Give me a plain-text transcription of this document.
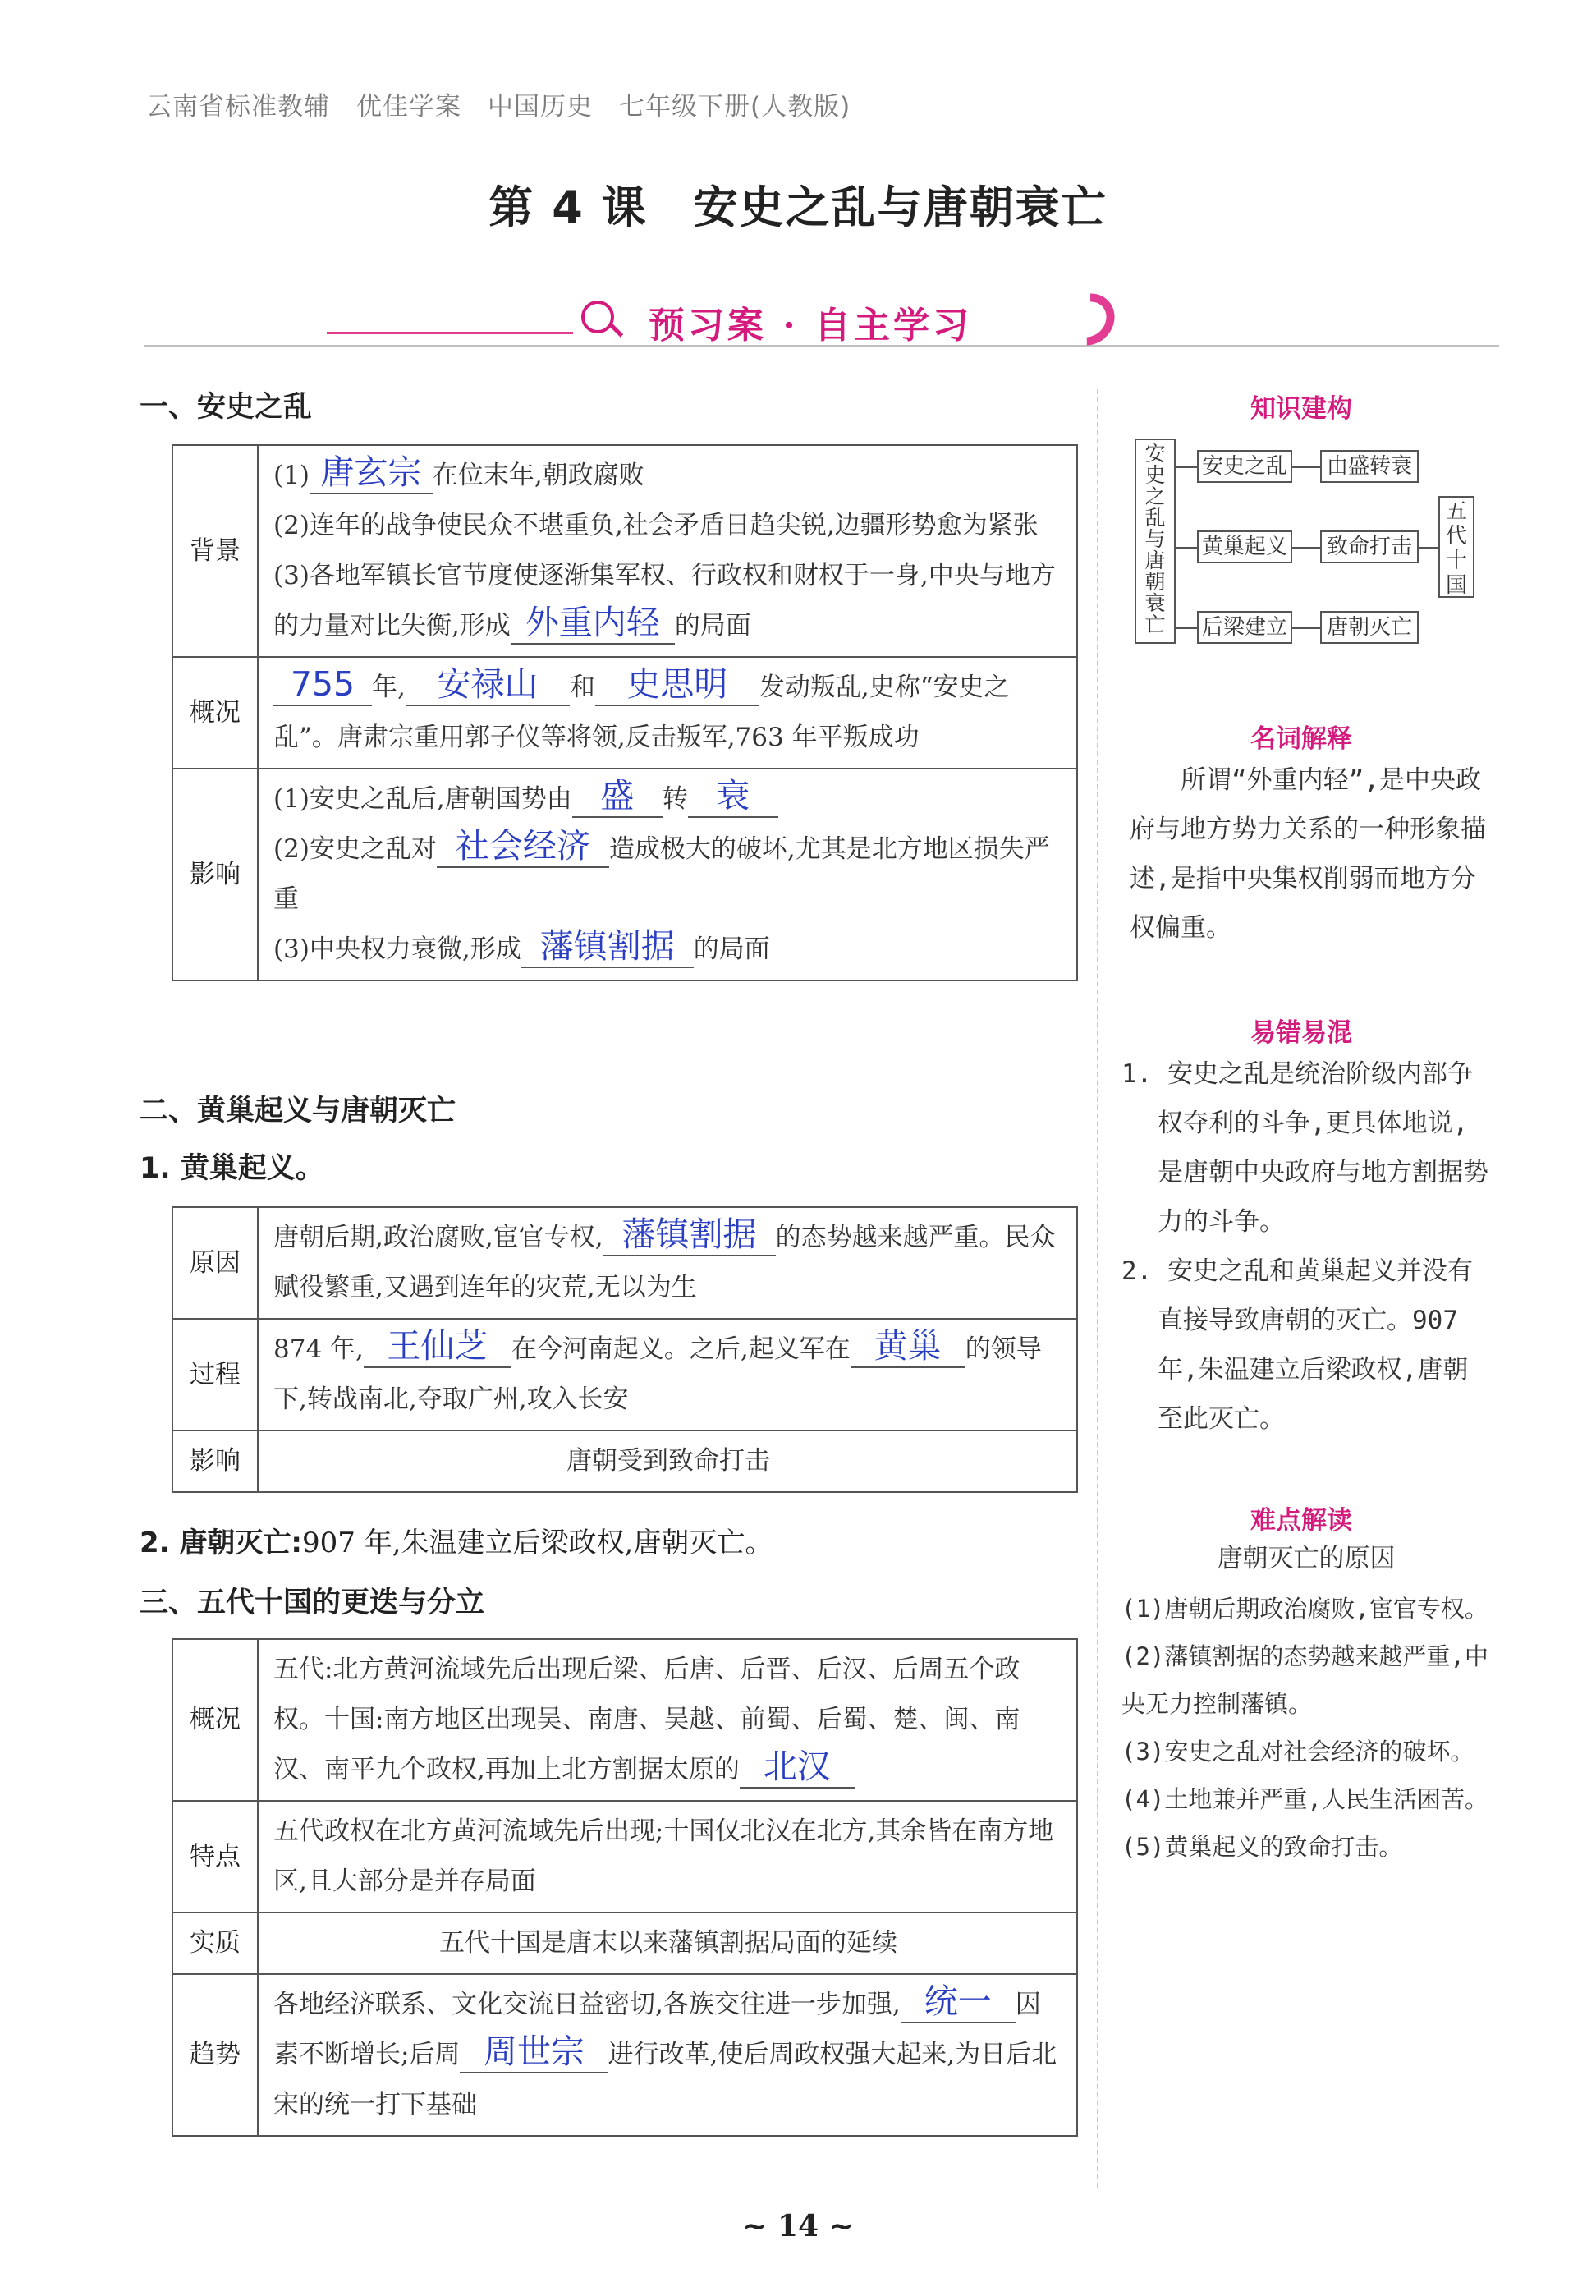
云南省标准教辅　优佳学案　中国历史　七年级下册(人教版)
第 4 课　安史之乱与唐朝衰亡
预习案 · 自主学习
一、安史之乱
背景	(1) 唐玄宗 在位末年,朝政腐败
(2)连年的战争使民众不堪重负,社会矛盾日趋尖锐,边疆形势愈为紧张
(3)各地军镇长官节度使逐渐集军权、行政权和财权于一身,中央与地方的力量对比失衡,形成 外重内轻 的局面

概况	755 年, 安禄山 和 史思明 发动叛乱,史称“安史之乱”。唐肃宗重用郭子仪等将领,反击叛军,763 年平叛成功

影响	(1)安史之乱后,唐朝国势由 盛 转 衰
(2)安史之乱对 社会经济 造成极大的破坏,尤其是北方地区损失严重
(3)中央权力衰微,形成 藩镇割据 的局面
二、黄巢起义与唐朝灭亡
1. 黄巢起义。
原因	唐朝后期,政治腐败,宦官专权, 藩镇割据 的态势越来越严重。民众赋役繁重,又遇到连年的灾荒,无以为生

过程	874 年, 王仙芝 在今河南起义。之后,起义军在 黄巢 的领导下,转战南北,夺取广州,攻入长安

影响	唐朝受到致命打击
2. 唐朝灭亡:907 年,朱温建立后梁政权,唐朝灭亡。
三、五代十国的更迭与分立
概况	五代:北方黄河流域先后出现后梁、后唐、后晋、后汉、后周五个政权。十国:南方地区出现吴、南唐、吴越、前蜀、后蜀、楚、闽、南汉、南平九个政权,再加上北方割据太原的 北汉
特点	五代政权在北方黄河流域先后出现;十国仅北汉在北方,其余皆在南方地区,且大部分是并存局面
实质	五代十国是唐末以来藩镇割据局面的延续
趋势	各地经济联系、文化交流日益密切,各族交往进一步加强, 统一 因素不断增长;后周 周世宗 进行改革,使后周政权强大起来,为日后北宋的统一打下基础
知识建构
安史之乱与唐朝衰亡
安史之乱
黄巢起义
后梁建立
由盛转衰
致命打击
唐朝灭亡
五代十国
名词解释
所谓“外重内轻”,是中央政府与地方势力关系的一种形象描述,是指中央集权削弱而地方分权偏重。
易错易混
1. 安史之乱是统治阶级内部争权夺利的斗争,更具体地说,是唐朝中央政府与地方割据势力的斗争。
2. 安史之乱和黄巢起义并没有直接导致唐朝的灭亡。907 年,朱温建立后梁政权,唐朝至此灭亡。
难点解读
唐朝灭亡的原因
(1)唐朝后期政治腐败,宦官专权。
(2)藩镇割据的态势越来越严重,中央无力控制藩镇。
(3)安史之乱对社会经济的破坏。
(4)土地兼并严重,人民生活困苦。
(5)黄巢起义的致命打击。
~ 14 ~
